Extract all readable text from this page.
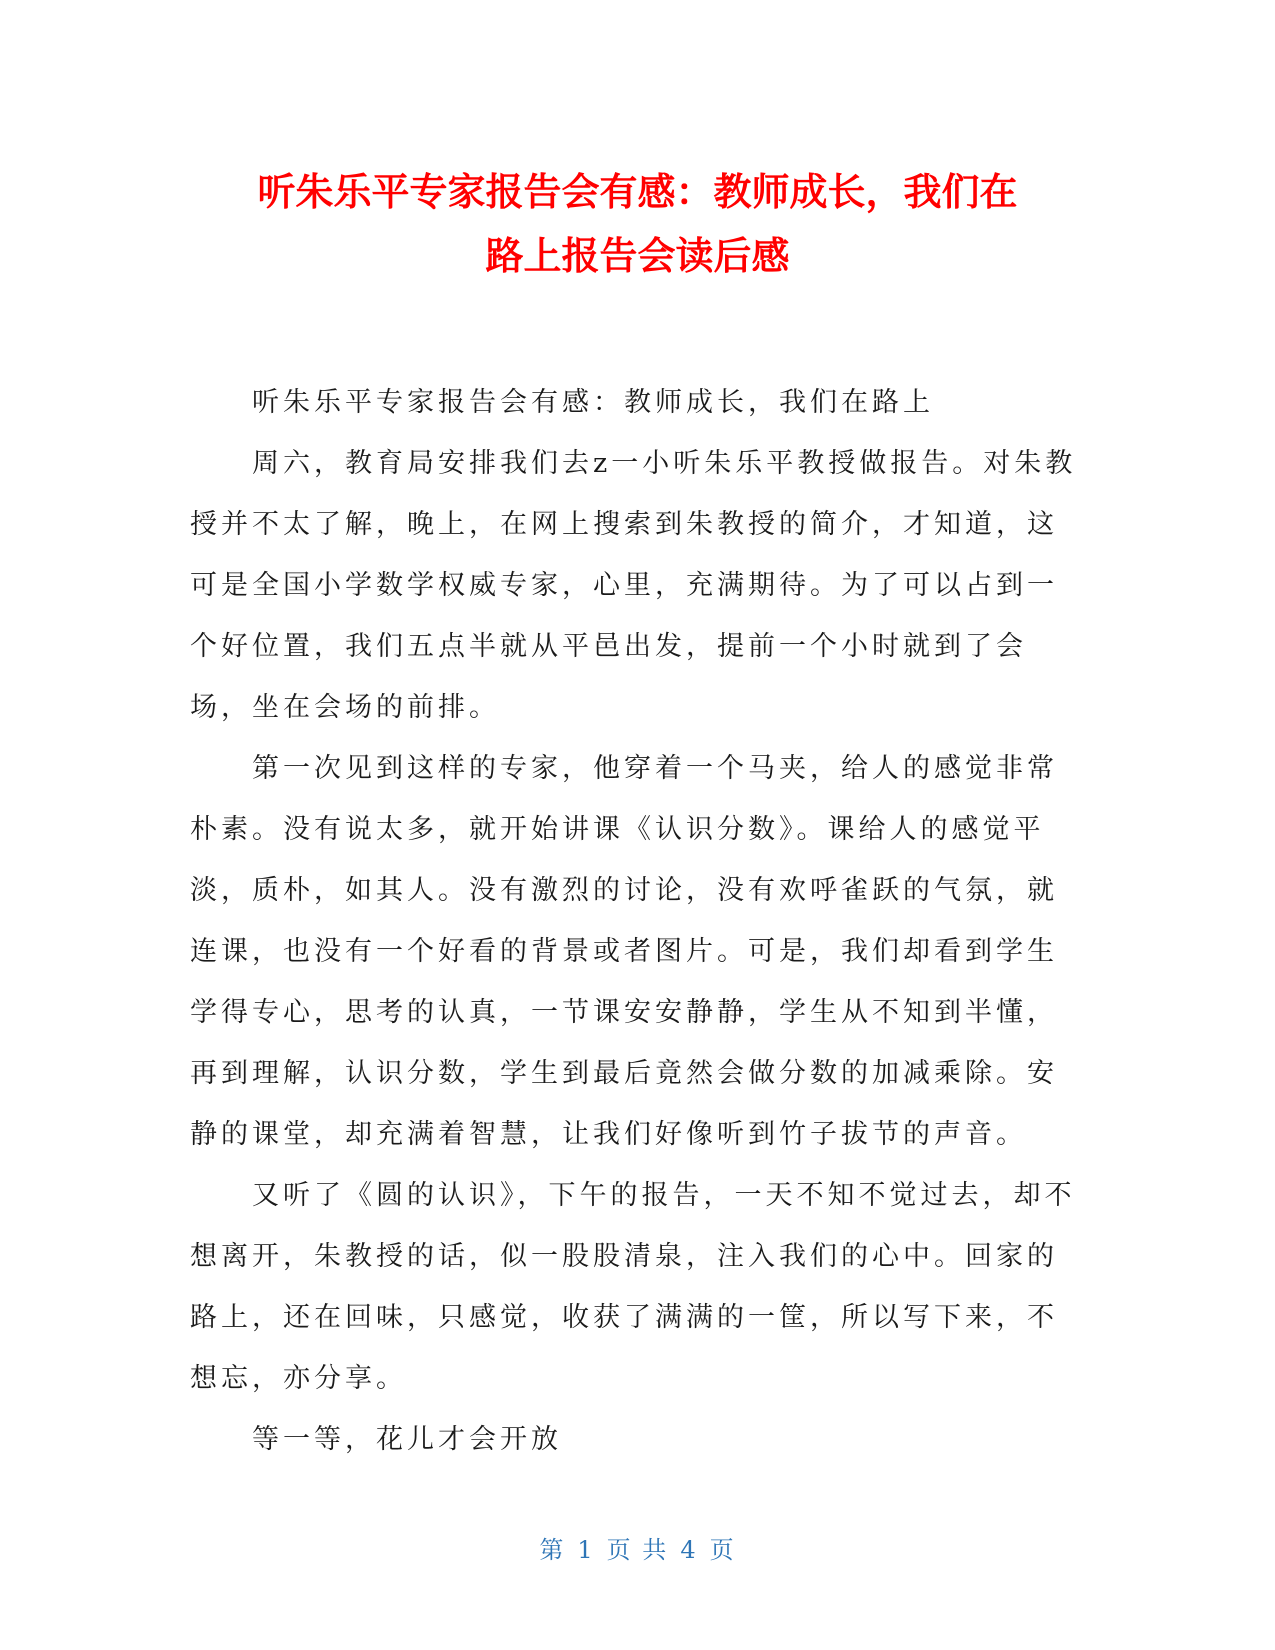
听朱乐平专家报告会有感：教师成长，我们在
路上报告会读后感

听朱乐平专家报告会有感：教师成长，我们在路上

周六，教育局安排我们去z一小听朱乐平教授做报告。对朱教授并不太了解，晚上，在网上搜索到朱教授的简介，才知道，这可是全国小学数学权威专家，心里，充满期待。为了可以占到一个好位置，我们五点半就从平邑出发，提前一个小时就到了会场，坐在会场的前排。

第一次见到这样的专家，他穿着一个马夹，给人的感觉非常朴素。没有说太多，就开始讲课《认识分数》。课给人的感觉平淡，质朴，如其人。没有激烈的讨论，没有欢呼雀跃的气氛，就连课，也没有一个好看的背景或者图片。可是，我们却看到学生学得专心，思考的认真，一节课安安静静，学生从不知到半懂，再到理解，认识分数，学生到最后竟然会做分数的加减乘除。安静的课堂，却充满着智慧，让我们好像听到竹子拔节的声音。

又听了《圆的认识》，下午的报告，一天不知不觉过去，却不想离开，朱教授的话，似一股股清泉，注入我们的心中。回家的路上，还在回味，只感觉，收获了满满的一筐，所以写下来，不想忘，亦分享。

等一等，花儿才会开放

第 1 页 共 4 页
